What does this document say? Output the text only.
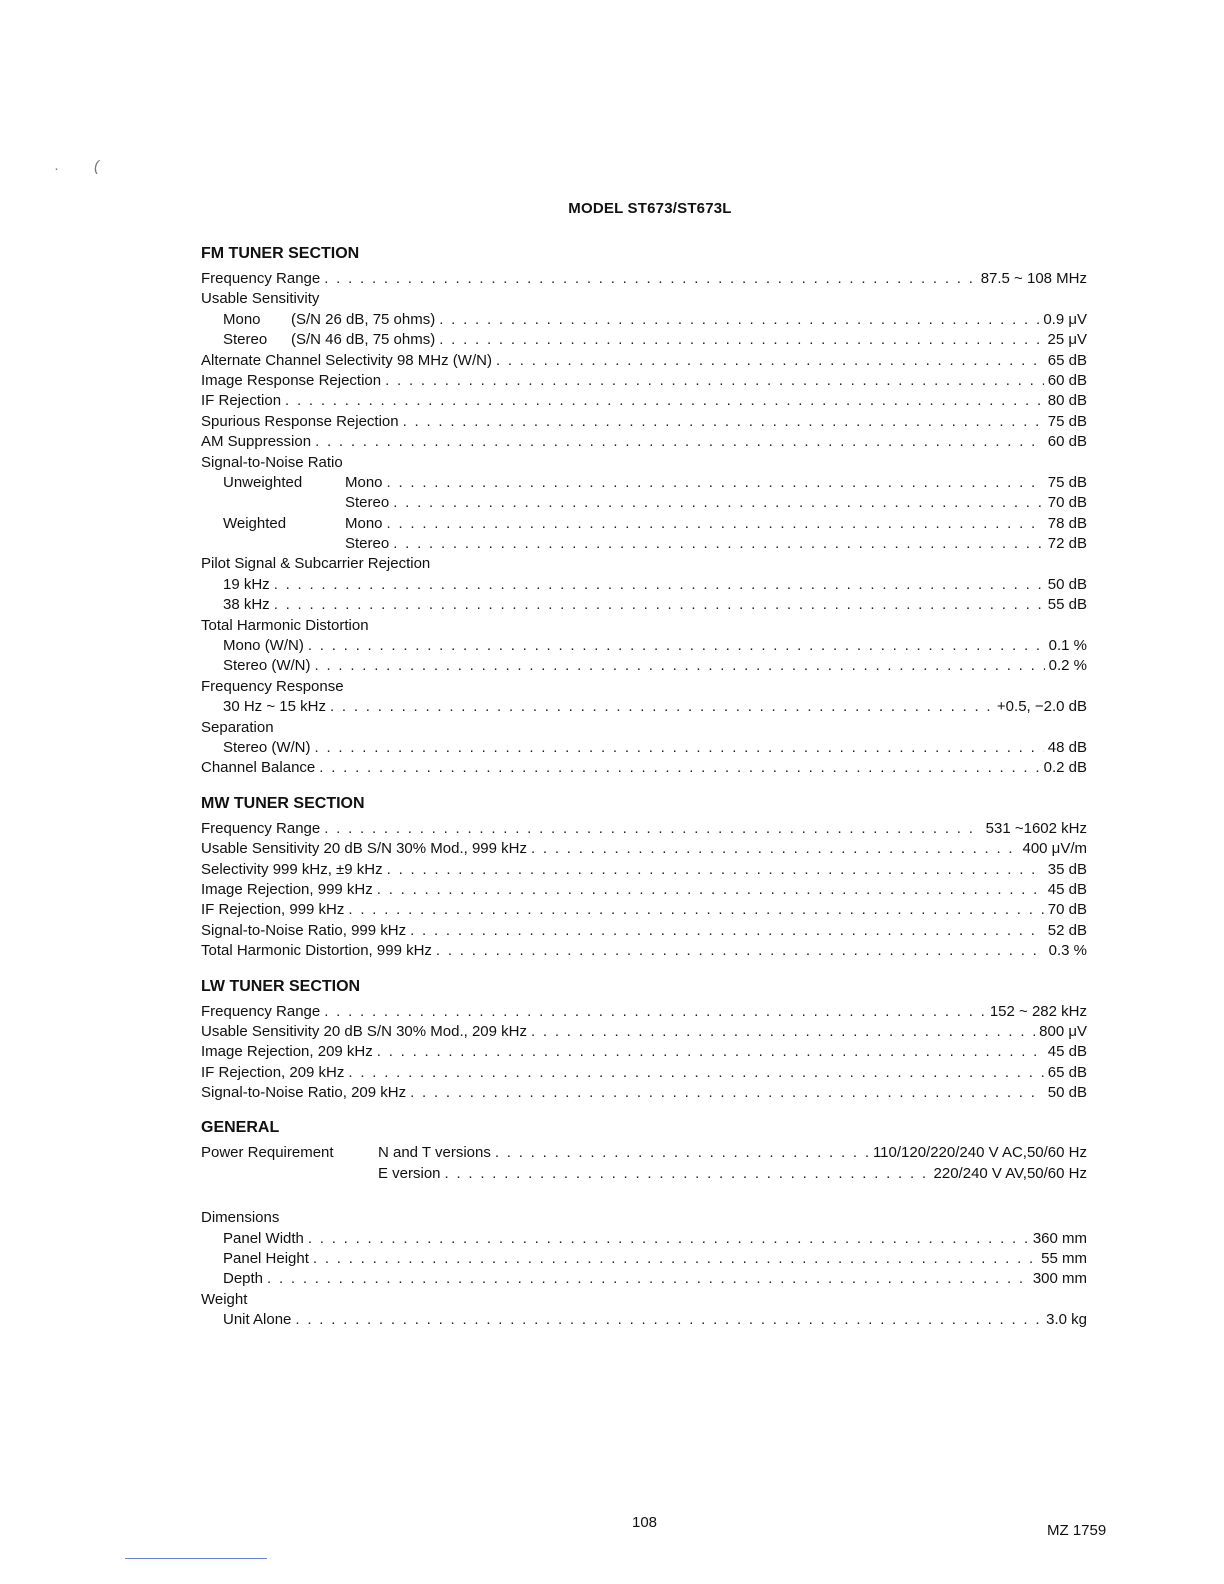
· (
MODEL ST673/ST673L
FM TUNER SECTION
Frequency Range . . .	87.5 ~ 108 MHz
Usable Sensitivity
Mono (S/N 26 dB, 75 ohms) . . .	0.9 μV
Stereo (S/N 46 dB, 75 ohms) . . .	25 μV
Alternate Channel Selectivity 98 MHz (W/N) . . .	65 dB
Image Response Rejection . . .	60 dB
IF Rejection . . .	80 dB
Spurious Response Rejection . . .	75 dB
AM Suppression . . .	60 dB
Signal-to-Noise Ratio
Unweighted	Mono . . .	75 dB
Stereo . . .	70 dB
Weighted	Mono . . .	78 dB
Stereo . . .	72 dB
Pilot Signal & Subcarrier Rejection
19 kHz . . .	50 dB
38 kHz . . .	55 dB
Total Harmonic Distortion
Mono (W/N) . . .	0.1 %
Stereo (W/N) . . .	0.2 %
Frequency Response
30 Hz ~ 15 kHz . . .	+0.5, −2.0 dB
Separation
Stereo (W/N) . . .	48 dB
Channel Balance . . .	0.2 dB
MW TUNER SECTION
Frequency Range . . .	531 ~1602 kHz
Usable Sensitivity 20 dB S/N 30% Mod., 999 kHz . . .	400 μV/m
Selectivity 999 kHz, ±9 kHz . . .	35 dB
Image Rejection, 999 kHz . . .	45 dB
IF Rejection, 999 kHz . . .	70 dB
Signal-to-Noise Ratio, 999 kHz . . .	52 dB
Total Harmonic Distortion, 999 kHz . . .	0.3 %
LW TUNER SECTION
Frequency Range . . .	152 ~ 282 kHz
Usable Sensitivity 20 dB S/N 30% Mod., 209 kHz . . .	800 μV
Image Rejection, 209 kHz . . .	45 dB
IF Rejection, 209 kHz . . .	65 dB
Signal-to-Noise Ratio, 209 kHz . . .	50 dB
GENERAL
Power Requirement	N and T versions . . .	110/120/220/240 V AC,50/60 Hz
E version . . .	220/240 V AV,50/60 Hz
Dimensions
Panel Width . . .	360 mm
Panel Height . . .	55 mm
Depth . . .	300 mm
Weight
Unit Alone . . .	3.0 kg
108	MZ 1759
